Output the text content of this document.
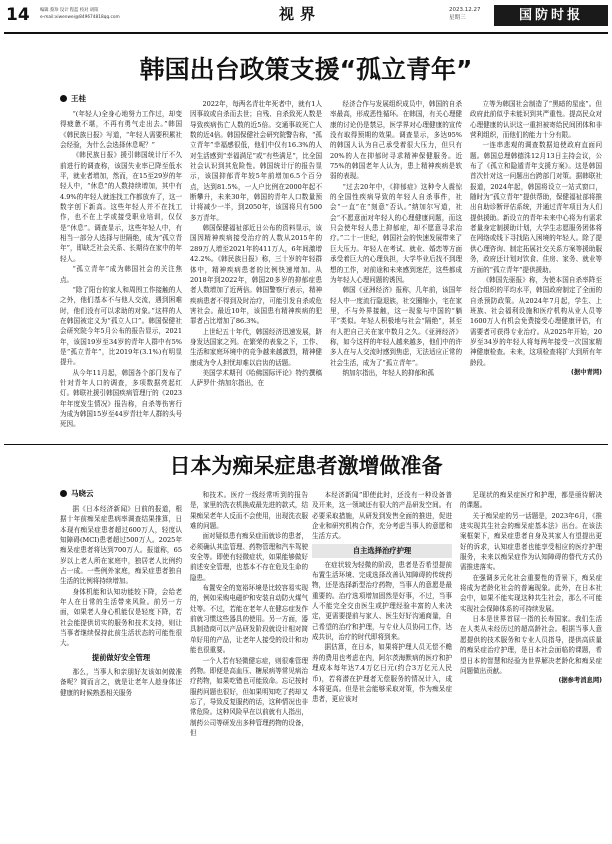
14 编辑 蔡珍 设计 程蓝 校对 胡阳
e-mail:xiwenwei@849674818qq.com	视界	2023.12.27
星期三	国防时报
韩国出台政策支援“孤立青年”
王桂

“(年轻人)全身心地努力工作过，却变得疲惫不堪，不再有勇气走出去。”韩国《韩民族日报》写道，“年轻人需要积累社会经验，为什么会选择休息呢？”

《韩民族日报》援引韩国统计厅不久前进行的调查称，该国失业率已降至低水平，就业者增加，然而，在15至29岁的年轻人中，“休息”的人数持续增加，其中有4.9%的年轻人就连找工作都放弃了，这一数字创下新高。这些年轻人并不在找工作，也不在上学或接受职业培训，仅仅是“休息”。调查显示，这些年轻人中，有相当一部分人选择与世隔绝，成为“孤立青年”，即缺乏社会关系、长期待在家中的年轻人。

“孤立青年”成为韩国社会的关注焦点。

“除了阳台的家人和周围工作接触的人之外，他们基本不与他人交流，遇到困难时，他们没有可以求助的对象。”这样的人在韩国被定义为“孤立人口”。韩国保健社会研究院今年5月公布的报告显示，2021年，该国19岁至34岁的青年人群中有5%是“孤立青年”，比2019年(3.1%)有明显提升。

从今年11月起，韩国各个部门发布了针对青年人口的调查，多项数据亮起红灯。韩联社援引韩国疾病管理厅的《2023年年度发生情况》报告称，自杀等伤害行为成为韩国15岁至44岁青壮年人群的头号死因。

2022年，每两名青壮年死者中，就有1人因事故或自杀而去世；自残、自杀致死人数是导致疾病伤亡人数的近5倍。交通事故死亡人数的近4倍。韩国保健社会研究院警告称，“孤立青年”幸福感很低，他们中仅有16.3%的人对生活感到“幸福满足”或“有些满足”，比全国社会认识到其危险性。韩国统计厅的报告显示，该国抑郁青年较5年前增加6.5个百分点，达到81.5%，一人户比例在2000年起不断攀升，未来30年，韩国的青年人口数量预计将减少一半，到2050年，该国将只有500多万青年。

韩国保健福祉部近日公布的资料显示，该国因精神疾病接受治疗的人数从2015年的289万人增至2021年的411万人，6年间激增42.2%。《韩民族日报》称，三十岁的年轻群体中，精神疾病患者的比例快速增加。从2018年到2022年，韩国20多岁的抑郁症患者人数增加了近两倍。韩国警察厅表示，精神疾病患者不得到及时治疗，可能引发自杀或危害社会。最近10年，该国患有精神疾病的犯罪者占比增加了86.3%。

上世纪五十年代，韩国经济迅速发展，跻身发达国家之列。在繁荣的表象之下，工作、生活和家庭环境中的竞争越来越激烈，精神健康成为令人担忧却难以启齿的话题。

美国学术期刊《哈佛国际评论》特约撰稿人萨罗什·纳加尔指出，在

经济合作与发展组织成员中，韩国的自杀率最高，形成恶性循环。在韩国，有关心理健康的讨论仍是禁忌，医学界对心理健康的宣传没有取得预期的效果。调查显示，多达95%的韩国人认为自己承受着很大压力，但只有20%的人在抑郁时寻求精神保健服务。近75%的韩国老年人认为，患上精神疾病是软弱的表现。

“过去20年中，《抑郁症》这种令人震惊的全国性疾病导致的年轻人自杀事件，社会“一直”在“刻意”否认。”纳加尔写道，社会“不愿意面对年轻人的心理健康问题，而这只会使年轻人患上抑郁症，却不愿意寻求治疗。”二十一世纪，韩国社会的快速发展带来了巨大压力。年轻人在考试、就业、婚恋等方面承受着巨大的心理负担，大学毕业后找不到理想的工作，对前途和未来感到迷茫，这些都成为年轻人心理问题的诱因。

韩国《亚洲经济》报称，几年前，该国年轻人中一度流行隐退族，社交圈缩小，宅在家里，不与外界接触，这一现象与中国的“躺平”类似。年轻人积极地与社会“隔绝”，甚至有人把自己关在家中数月之久。《亚洲经济》称，如今这样的年轻人越来越多，他们中的许多人在与人交流时感到焦虑，无法适应正常的社会生活，成为了“孤立青年”。

纳加尔指出，年轻人的抑郁和孤

立等为韩国社会制造了“黑暗的星座”。但政府此前似乎未能识到其严重性。提高民众对心理健康的认识这一重担被寄给民间团体和非营利组织，而他们的能力十分有限。

一连串悲观的调查数据迫使政府直面问题。韩国总理韩德洙12月13日主持会议，公布了《孤立和隐遁青年支援方案》。这是韩国首次针对这一问题出台跨部门对策。据韩联社报道，2024年起，韩国将设立一站式窗口，随时为“孤立青年”提供帮助，保健福祉部将推出自助诊断评估系统，并通过青年项目为人们提供援助。新设立的青年未来中心将为有需求者量身定制援助计划，大学生志愿服务团体将在网络或线下寻找陷入困境的年轻人。除了提供心理咨询、制定拓展社交关系方案等援助服务，政府还计划对饮食、住房、家务、就业等方面的“孤立青年”提供援助。

《韩国先驱报》称，为使本国自杀率降至经合组织的平均水平，韩国政府制定了全面的自杀预防政策。从2024年7月起，学生、上班族、社会福利设施和医疗机构从业人员等1600万人有机会免费接受心理健康评估，有需要者可获得专业治疗。从2025年开始，20岁至34岁的年轻人将每两年接受一次国家精神健康检查。未来，这项检查将扩大到所有年龄段。

(据中青网)
日本为痴呆症患者激增做准备
马晓云

据《日本经济新闻》日前的报道，根据十年前痴呆症患病率调查结果推算，日本现有痴呆症患者超过600万人，轻度认知障碍(MCI)患者超过500万人。2025年痴呆症患者将达到700万人。报道称，65岁以上老人所在家庭中，独居老人比例约占一成。一些例外家庭，痴呆症患者独自生活的比例将持续增加。

身体机能和认知功能较下降，会给老年人在日常的生活带来风险。前另一方面，如果老人身心机能仅是轻度下降，若社会能提供切实的服务和技术支持，则让当事者继续保持此前生活状态的可能性很大。

提前做好安全管理

那么，当事人和亲朋好友该如何做准备呢？简而言之，就是让老年人趁身体还健康的时候熟悉相关服务

和技术。医疗一线经常听到的报告是，家里的洗衣机换成最先进的款式，结果痴呆老年人反而不会使用，出现洗衣服难的问题。

面对疑似患有痴呆症而就诊的患者，必须确认其监管理、药物管理和汽车驾驶安全等。即使有轻微症状，如果能够做好前述安全管理，也基本不存在危及生命的隐患。

布置安全的宽裕环境是比较容易实现的，例如采购电磁炉和安装自动防火煤气灶等。不过，若能在老年人在健忘症发作前就习惯这些器具的使用。另一方面，器具制造商可以产品研发阶段就设计相对简单好用的产品，让老年人接受的设计和功能也很重要。

一个人若有轻微健忘症，则很难管理药物。即便是高血压、糖尿病等常见病治疗药物，如果吃错也可能致命。忘记按时服药问题也很好，但如果明知吃了药却又忘了，导致反复服药的话，这种情况也非常危险。这种风险早在以前就有人指出，制药公司等研发出多种管理药物的设备，但

本经济新闻”即使此时，还没有一种设备普及开来，这一领域还有很大的产品研发空间。有必要采取措施，从研发到发售全面的推进，促进企业和研究机构合作，充分考虑当事人的意愿和生活方式。

自主选择治疗护理

在症状较为轻微的阶段，患者是否希望提前布置生活环境、完成选择改善认知障碍的传统药物，还是选择新型治疗药物，当事人的意愿是最重要的。治疗选项增加固然是好事，不过，当事人不能完全交由医生或护理经验丰富的人来决定，更需要提前与家人、医生好好沟通商量，自己希望的治疗和护理，与专业人员协同工作，达成共识，治疗的时代即将到来。

据估算，在日本，如果将护理人员无偿不赡养的费用也考虑在内，阿尔茨海默病的医疗和护理成本每年达7.4万亿日元(约合3万亿元人民币)，若将潜在护理者无偿服务的情况计入，成本将更高。但是社会能够采取对策，作为痴呆症患者，更应该对

足现状的痴呆症医疗和护理，都是亟待解决的课题。

关于痴呆症的另一话题是，2023年6月，《推进实现共生社会的痴呆症基本法》出台。在该法案框架下，痴呆症患者自身及其家人有望提出更好的诉求，认知症患者也能享受相应的医疗护理服务，未来以痴呆症作为认知障碍的替代方式仍需推进落实。

在强调多元化社会重要性的背景下，痴呆症将成为老龄化社会的普遍现象。此外，在日本社会中，如果不能实现这种共生社会，那么不可能实现社会保障体系的可持续发展。

日本是世界首屈一指的长寿国家。我们生活在人类从未经历过的超高龄社会。根据当事人意愿提供的技术服务和专业人员指导，提供高质量的痴呆症治疗护理，是日本社会面临的课题，希望日本的智慧和经验为世界解决老龄化和痴呆症问题做出贡献。

(据参考消息网)
